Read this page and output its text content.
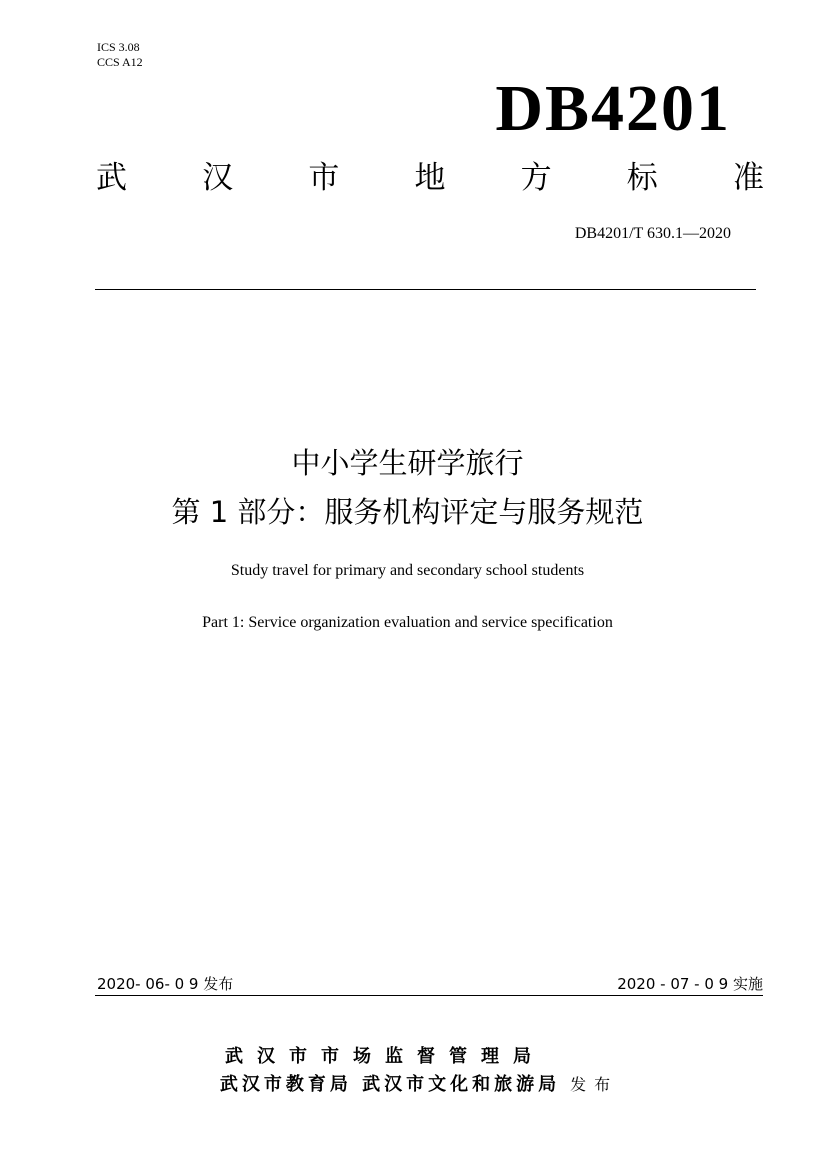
ICS 3.08
CCS A12
DB4201
武 汉 市 地 方 标 准
DB4201/T 630.1—2020
中小学生研学旅行
第 1 部分：服务机构评定与服务规范
Study travel for primary and secondary school students
Part 1: Service organization evaluation and service specification
2020- 06- 0 9 发布	2020 - 07 - 0 9 实施
武汉市市场监督管理局
武汉市教育局 武汉市文化和旅游局 发布
